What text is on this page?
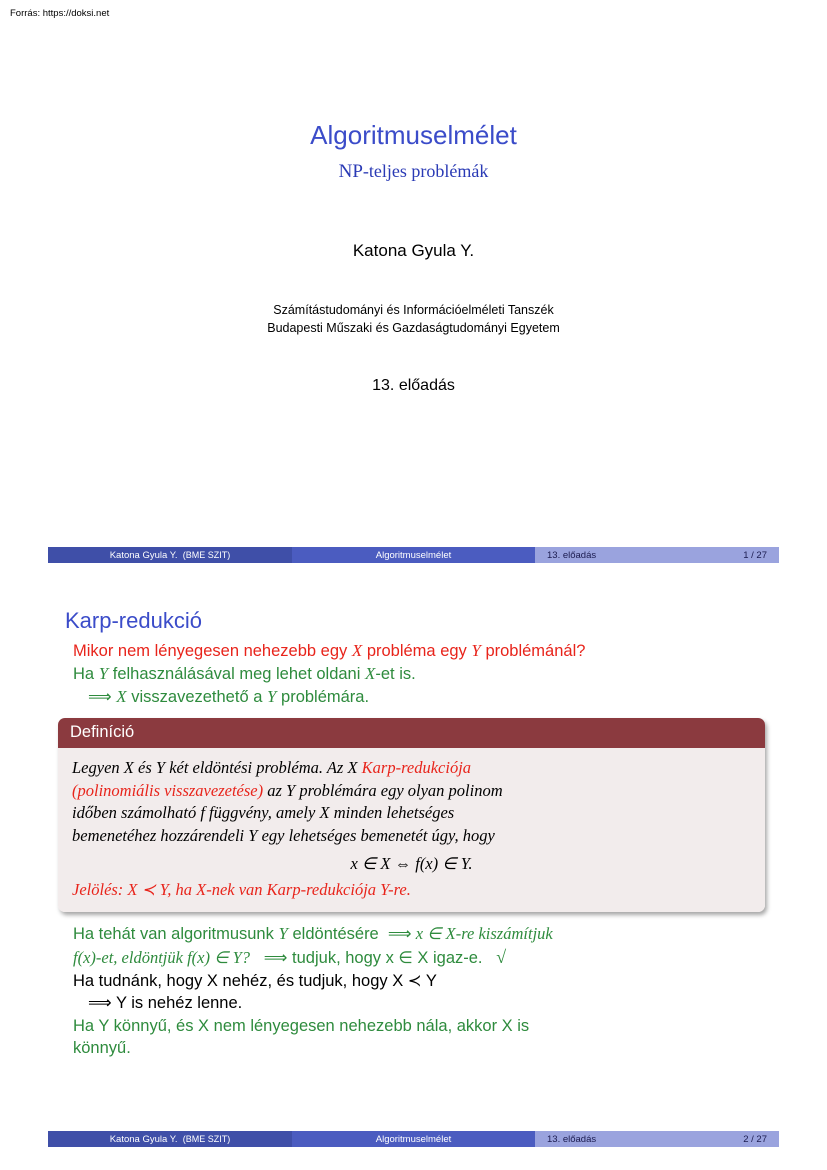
Forrás: https://doksi.net
Algoritmuselmélet
NP-teljes problémák
Katona Gyula Y.
Számítástudományi és Információelméleti Tanszék
Budapesti Műszaki és Gazdaságtudományi Egyetem
13. előadás
Katona Gyula Y.
(BME SZIT)	Algoritmuselmélet	13. előadás	1 / 27
Karp-redukció
Mikor nem lényegesen nehezebb egy X probléma egy Y problémánál?
Ha Y felhasználásával meg lehet oldani X-et is.
⟹ X visszavezethető a Y problémára.
Definíció
Legyen X és Y két eldöntési probléma. Az X Karp-redukciója
(polinomiális visszavezetése) az Y problémára egy olyan polinom
időben számolható f függvény, amely X minden lehetséges
bemenetéhez hozzárendeli Y egy lehetséges bemenetét úgy, hogy
x ∈ X ⇔ f(x) ∈ Y.
Jelölés: X ≺ Y, ha X-nek van Karp-redukciója Y-re.
Ha tehát van algoritmusunk Y eldöntésére ⟹ x ∈ X-re kiszámítjuk
f(x)-et, eldöntjük f(x) ∈ Y? ⟹ tudjuk, hogy x ∈ X igaz-e. √
Ha tudnánk, hogy X nehéz, és tudjuk, hogy X ≺ Y
⟹ Y is nehéz lenne.
Ha Y könnyű, és X nem lényegesen nehezebb nála, akkor X is
könnyű.
Katona Gyula Y.
(BME SZIT)	Algoritmuselmélet	13. előadás	2 / 27
